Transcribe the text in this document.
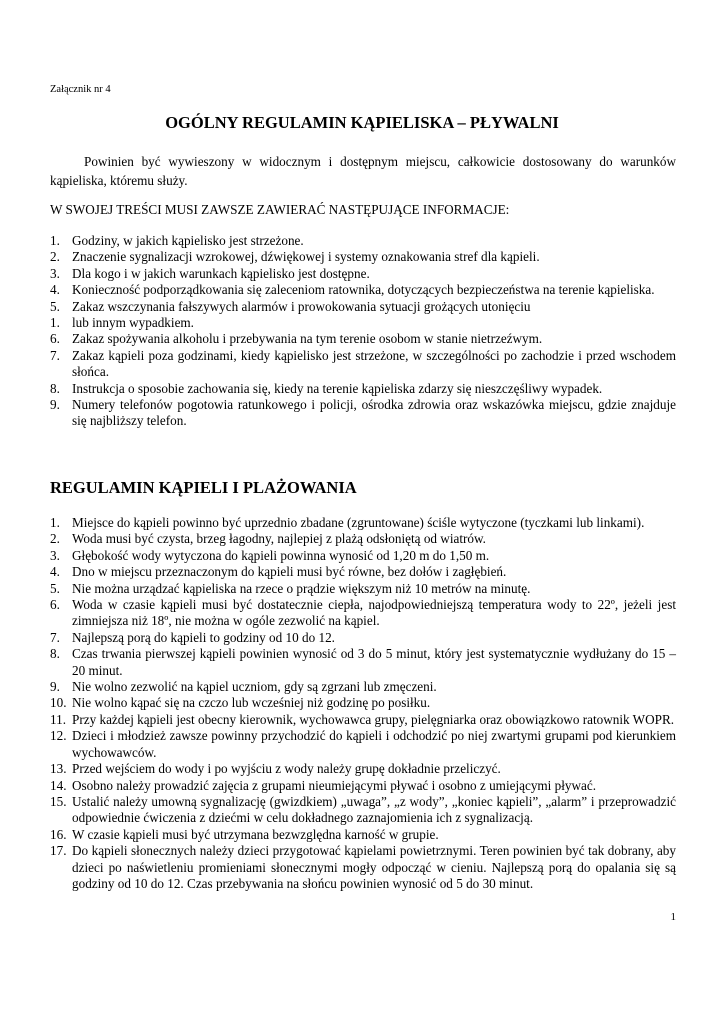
Załącznik nr 4
OGÓLNY REGULAMIN KĄPIELISKA – PŁYWALNI
Powinien być wywieszony w widocznym i dostępnym miejscu, całkowicie dostosowany do warunków kąpieliska, któremu służy.
W SWOJEJ TREŚCI MUSI ZAWSZE ZAWIERAĆ NASTĘPUJĄCE INFORMACJE:
1. Godziny, w jakich kąpielisko jest strzeżone.
2. Znaczenie sygnalizacji wzrokowej, dźwiękowej i systemy oznakowania stref dla kąpieli.
3. Dla kogo i w jakich warunkach kąpielisko jest dostępne.
4. Konieczność podporządkowania się zaleceniom ratownika, dotyczących bezpieczeństwa na terenie kąpieliska.
5. Zakaz wszczynania fałszywych alarmów i prowokowania sytuacji grożących utonięciu
1. lub innym wypadkiem.
6. Zakaz spożywania alkoholu i przebywania na tym terenie osobom w stanie nietrzeźwym.
7. Zakaz kąpieli poza godzinami, kiedy kąpielisko jest strzeżone, w szczególności po zachodzie i przed wschodem słońca.
8. Instrukcja o sposobie zachowania się, kiedy na terenie kąpieliska zdarzy się nieszczęśliwy wypadek.
9. Numery telefonów pogotowia ratunkowego i policji, ośrodka zdrowia oraz wskazówka miejscu, gdzie znajduje się najbliższy telefon.
REGULAMIN KĄPIELI I PLAŻOWANIA
1. Miejsce do kąpieli powinno być uprzednio zbadane (zgruntowane) ściśle wytyczone (tyczkami lub linkami).
2. Woda musi być czysta, brzeg łagodny, najlepiej z plażą odsłoniętą od wiatrów.
3. Głębokość wody wytyczona do kąpieli powinna wynosić od 1,20 m do 1,50 m.
4. Dno w miejscu przeznaczonym do kąpieli musi być równe, bez dołów i zagłębień.
5. Nie można urządzać kąpieliska na rzece o prądzie większym niż 10 metrów na minutę.
6. Woda w czasie kąpieli musi być dostatecznie ciepła, najodpowiedniejszą temperatura wody to 22º, jeżeli jest zimniejsza niż 18º, nie można w ogóle zezwolić na kąpiel.
7. Najlepszą porą do kąpieli to godziny od 10 do 12.
8. Czas trwania pierwszej kąpieli powinien wynosić od 3 do 5 minut, który jest systematycznie wydłużany do 15 – 20 minut.
9. Nie wolno zezwolić na kąpiel uczniom, gdy są zgrzani lub zmęczeni.
10. Nie wolno kąpać się na czczo lub wcześniej niż godzinę po posiłku.
11. Przy każdej kąpieli jest obecny kierownik, wychowawca grupy, pielęgniarka oraz obowiązkowo ratownik WOPR.
12. Dzieci i młodzież zawsze powinny przychodzić do kąpieli i odchodzić po niej zwartymi grupami pod kierunkiem wychowawców.
13. Przed wejściem do wody i po wyjściu z wody należy grupę dokładnie przeliczyć.
14. Osobno należy prowadzić zajęcia z grupami nieumiejącymi pływać i osobno z umiejącymi pływać.
15. Ustalić należy umowną sygnalizację (gwizdkiem) „uwaga”, „z wody”, „koniec kąpieli”, „alarm” i przeprowadzić odpowiednie ćwiczenia z dziećmi w celu dokładnego zaznajomienia ich z sygnalizacją.
16. W czasie kąpieli musi być utrzymana bezwzględna karność w grupie.
17. Do kąpieli słonecznych należy dzieci przygotować kąpielami powietrznymi. Teren powinien być tak dobrany, aby dzieci po naświetleniu promieniami słonecznymi mogły odpocząć w cieniu. Najlepszą porą do opalania się są godziny od 10 do 12. Czas przebywania na słońcu powinien wynosić od 5 do 30 minut.
1
